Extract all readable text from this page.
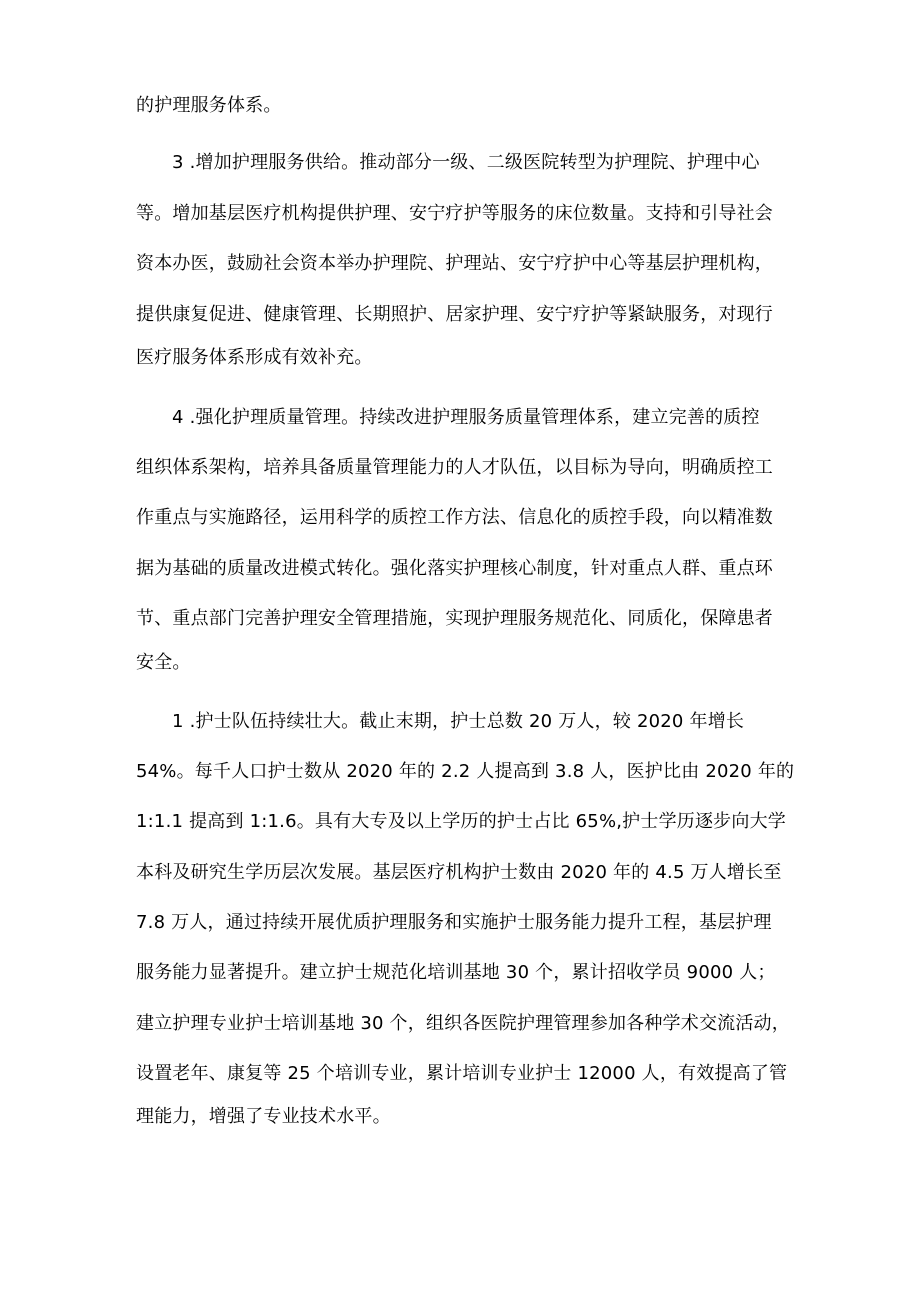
的护理服务体系。
3 .增加护理服务供给。推动部分一级、二级医院转型为护理院、护理中心
等。增加基层医疗机构提供护理、安宁疗护等服务的床位数量。支持和引导社会
资本办医，鼓励社会资本举办护理院、护理站、安宁疗护中心等基层护理机构，
提供康复促进、健康管理、长期照护、居家护理、安宁疗护等紧缺服务，对现行
医疗服务体系形成有效补充。
4 .强化护理质量管理。持续改进护理服务质量管理体系，建立完善的质控
组织体系架构，培养具备质量管理能力的人才队伍，以目标为导向，明确质控工
作重点与实施路径，运用科学的质控工作方法、信息化的质控手段，向以精准数
据为基础的质量改进模式转化。强化落实护理核心制度，针对重点人群、重点环
节、重点部门完善护理安全管理措施，实现护理服务规范化、同质化，保障患者
安全。
1 .护士队伍持续壮大。截止末期，护士总数 20 万人，较 2020 年增长
54%。每千人口护士数从 2020 年的 2.2 人提高到 3.8 人，医护比由 2020 年的
1:1.1 提高到 1:1.6。具有大专及以上学历的护士占比 65%,护士学历逐步向大学
本科及研究生学历层次发展。基层医疗机构护士数由 2020 年的 4.5 万人增长至
7.8 万人，通过持续开展优质护理服务和实施护士服务能力提升工程，基层护理
服务能力显著提升。建立护士规范化培训基地 30 个，累计招收学员 9000 人；
建立护理专业护士培训基地 30 个，组织各医院护理管理参加各种学术交流活动，
设置老年、康复等 25 个培训专业，累计培训专业护士 12000 人，有效提高了管
理能力，增强了专业技术水平。
